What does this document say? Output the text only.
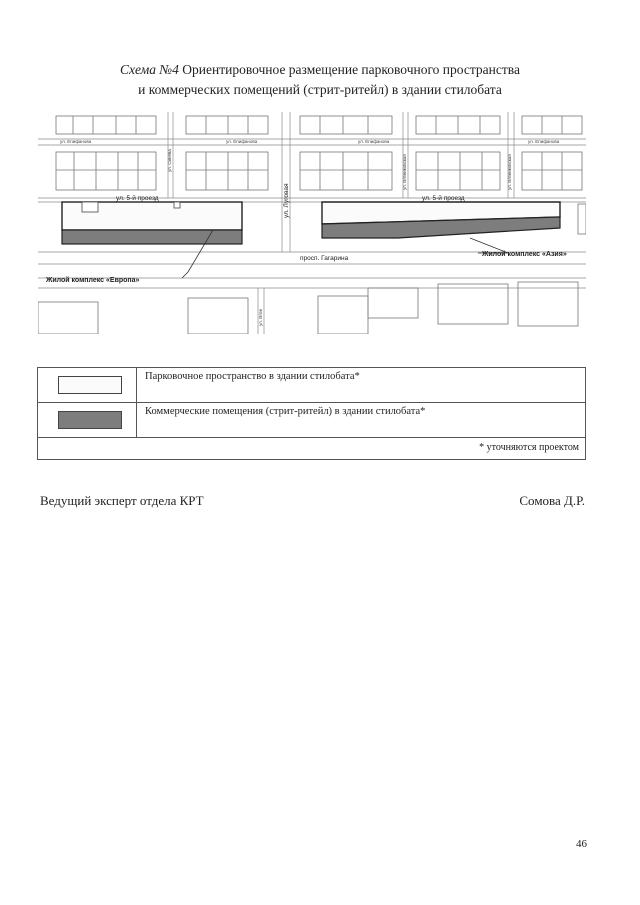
Схема №4 Ориентировочное размещение парковочного пространства
и коммерческих помещений (стрит-ритейл) в здании стилобата
ул. Епифанова	ул. Епифанова	ул. Епифанова	ул. Епифанова
ул. Синева	ул. Вязниковская	ул. Вязниковская
ул. Вязн
ул. 5-й проезд	ул. 5-й проезд
ул. Луговая
просп. Гагарина
Жилой комплекс «Европа»
Жилой комплекс «Азия»
	Парковочное пространство в здании стилобата*

	Коммерческие помещения (стрит-ритейл) в здании стилобата*
* уточняются проектом	
Ведущий эксперт отдела КРТ	Сомова Д.Р.
46
